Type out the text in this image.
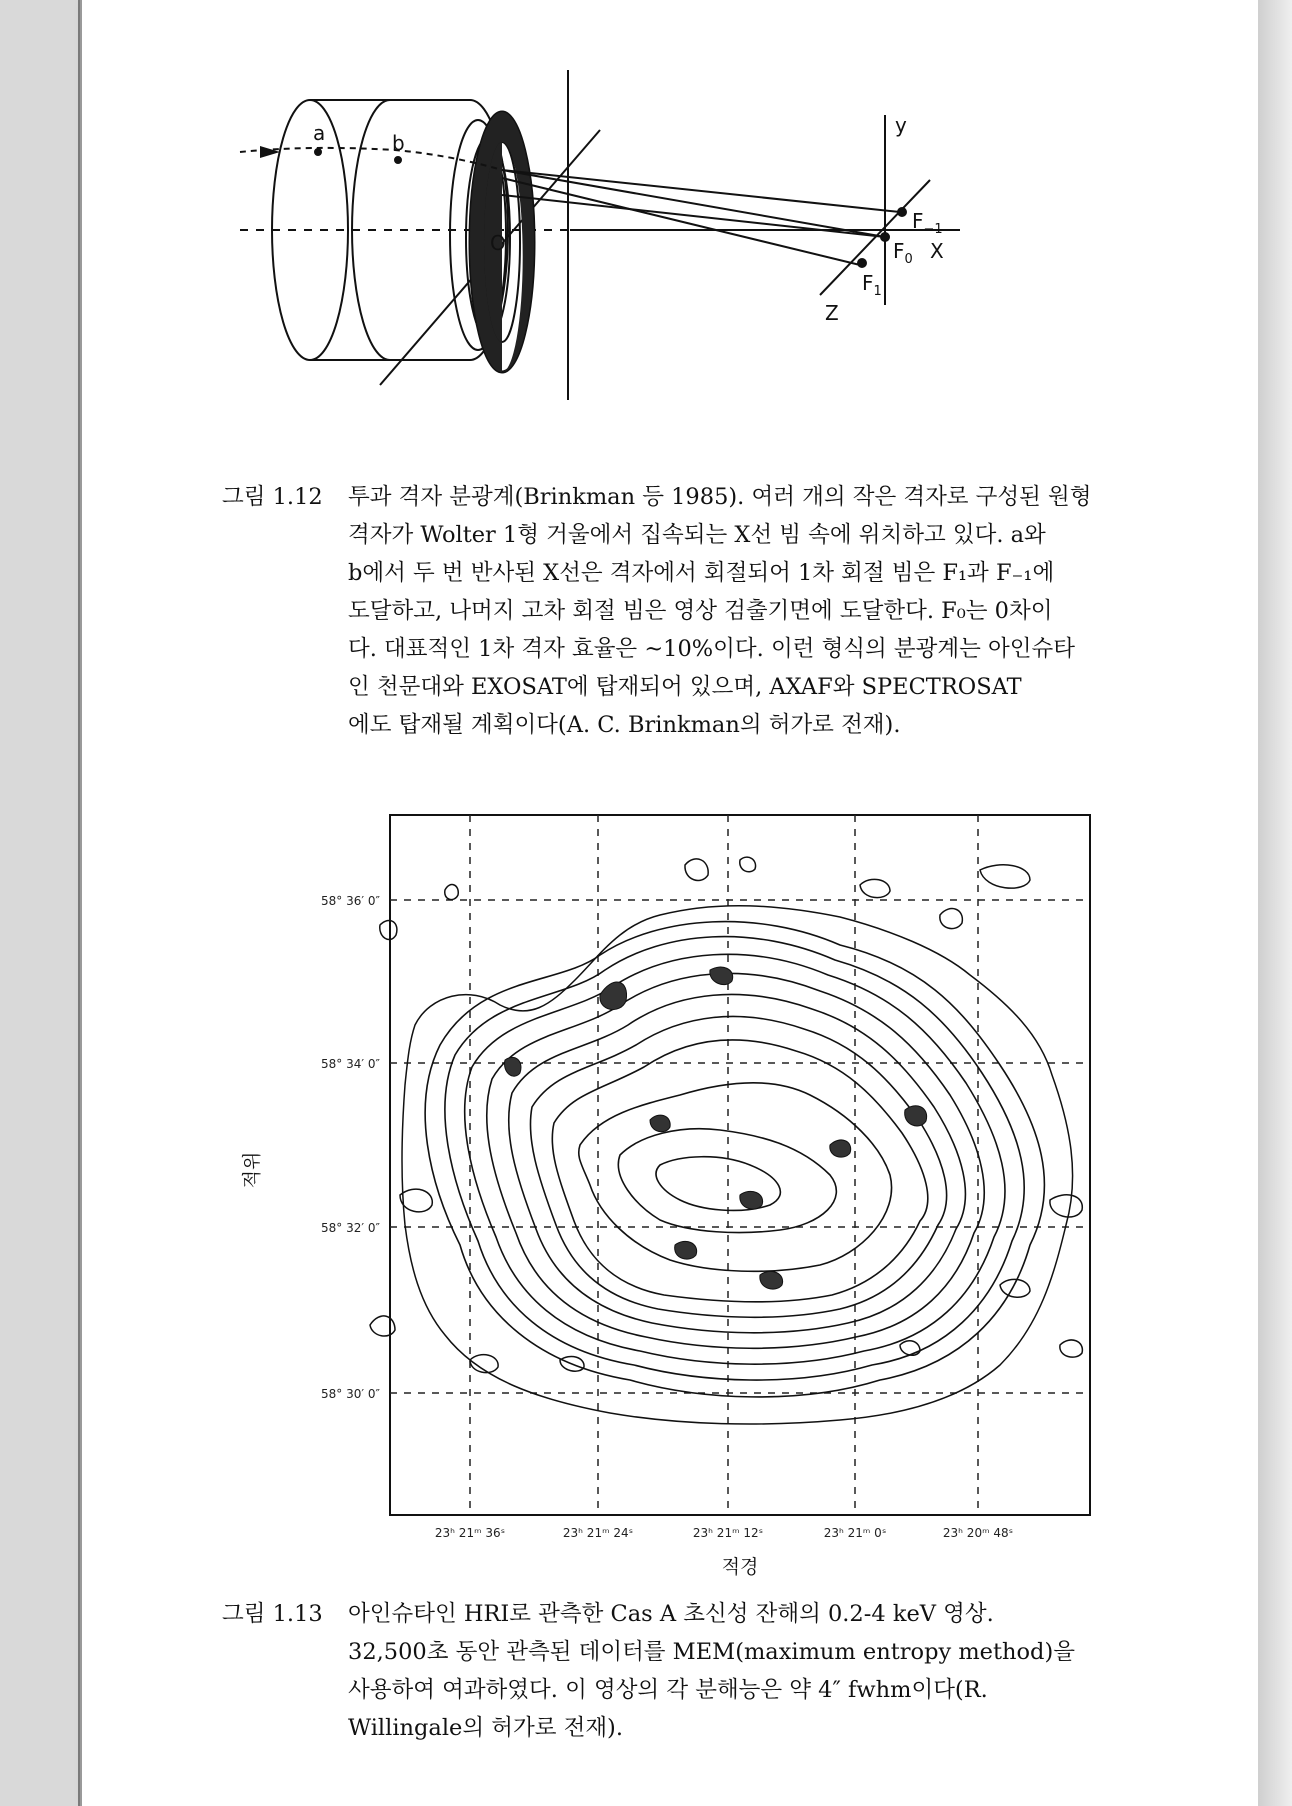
a	b
O
y
X
Z
$F_{-1}$
$F_0$
$F_1$
그림 1.12 투과 격자 분광계(Brinkman 등 1985). 여러 개의 작은 격자로 구성된 원형
격자가 Wolter 1형 거울에서 집속되는 X선 빔 속에 위치하고 있다. a와
b에서 두 번 반사된 X선은 격자에서 회절되어 1차 회절 빔은 F₁과 F₋₁에
도달하고, 나머지 고차 회절 빔은 영상 검출기면에 도달한다. F₀는 0차이
다. 대표적인 1차 격자 효율은 ~10%이다. 이런 형식의 분광계는 아인슈타
인 천문대와 EXOSAT에 탑재되어 있으며, AXAF와 SPECTROSAT
에도 탑재될 계획이다(A. C. Brinkman의 허가로 전재).
58° 36′ 0″
58° 34′ 0″
58° 32′ 0″
58° 30′ 0″
23ʰ 21ᵐ 36ˢ	23ʰ 21ᵐ 24ˢ	23ʰ 21ᵐ 12ˢ	23ʰ 21ᵐ 0ˢ	23ʰ 20ᵐ 48ˢ
적경
적위
그림 1.13 아인슈타인 HRI로 관측한 Cas A 초신성 잔해의 0.2-4 keV 영상.
32,500초 동안 관측된 데이터를 MEM(maximum entropy method)을
사용하여 여과하였다. 이 영상의 각 분해능은 약 4″ fwhm이다(R.
Willingale의 허가로 전재).
